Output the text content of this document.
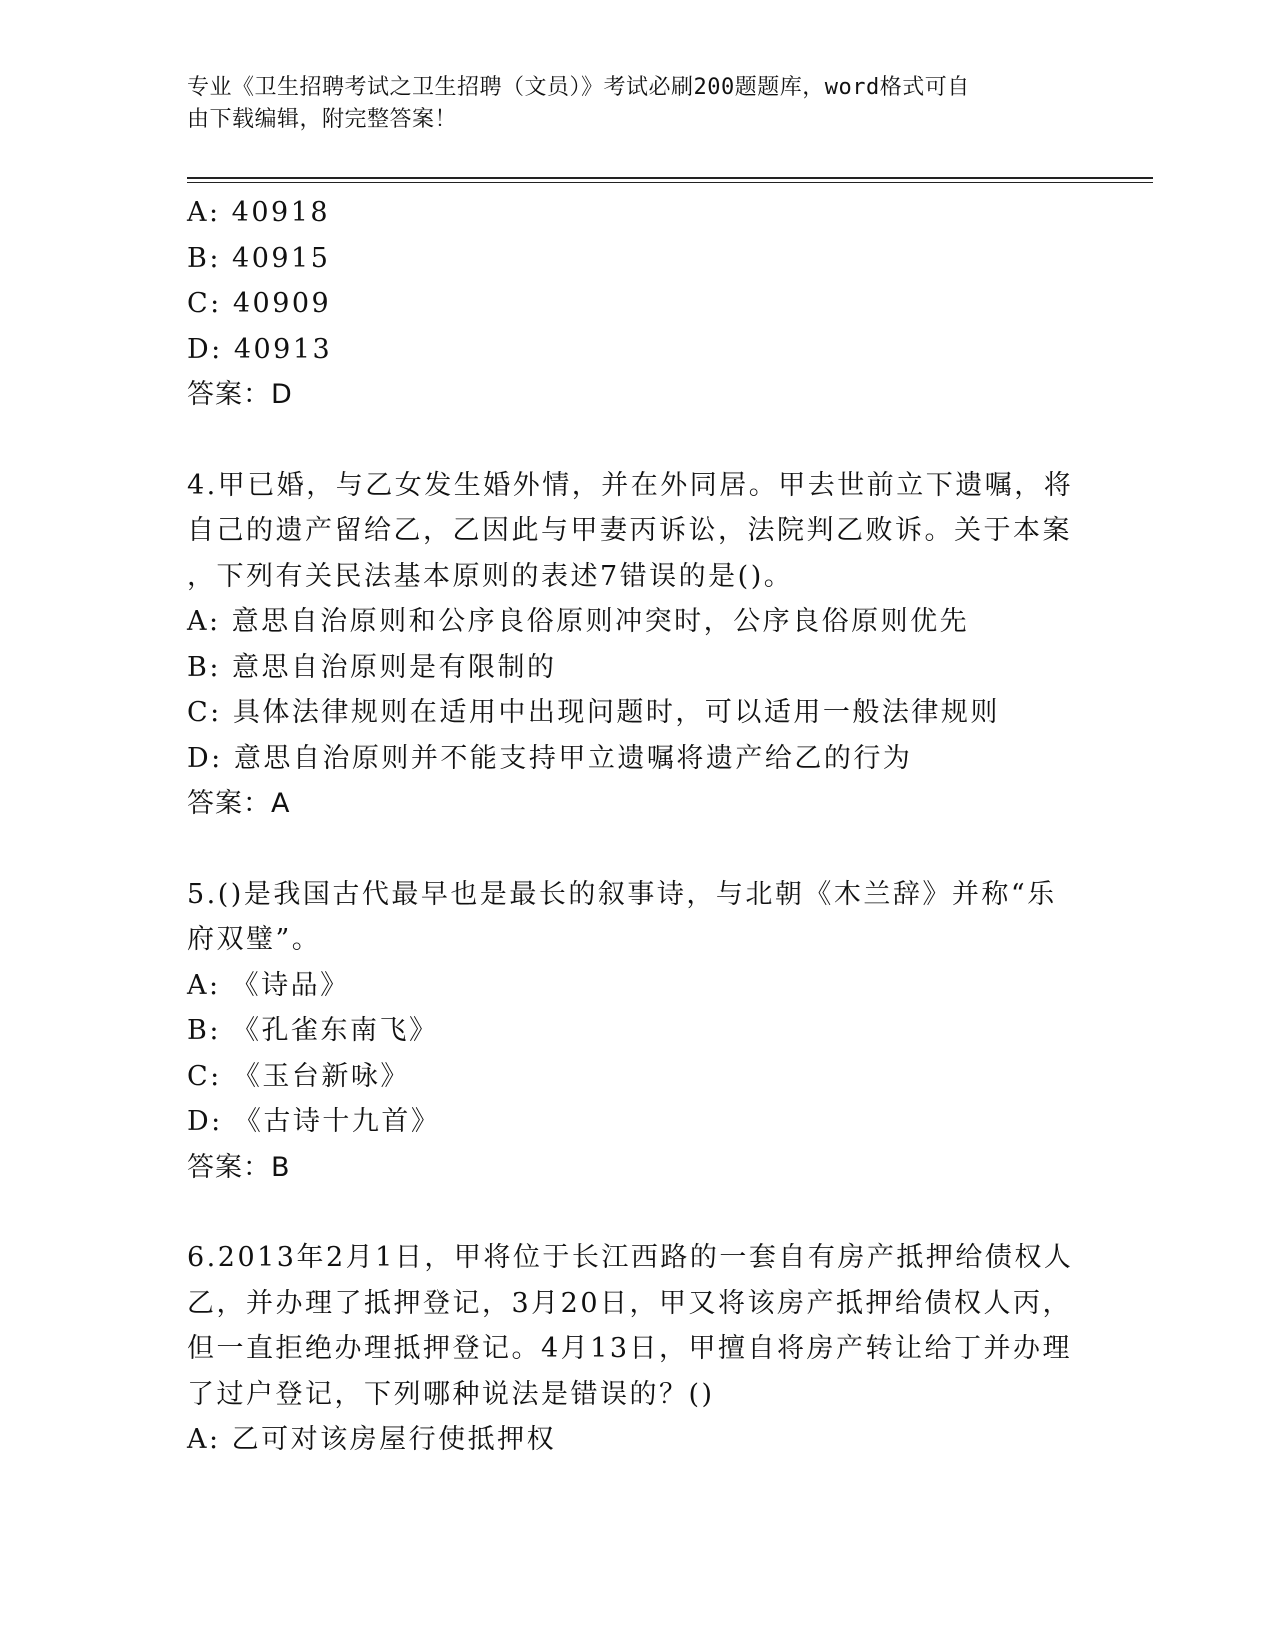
专业《卫生招聘考试之卫生招聘（文员）》考试必刷200题题库，word格式可自
由下载编辑，附完整答案！
A: 40918
B: 40915
C: 40909
D: 40913
答案：D
4.甲已婚，与乙女发生婚外情，并在外同居。甲去世前立下遗嘱，将
自己的遗产留给乙，乙因此与甲妻丙诉讼，法院判乙败诉。关于本案
，下列有关民法基本原则的表述7错误的是()。
A: 意思自治原则和公序良俗原则冲突时，公序良俗原则优先
B: 意思自治原则是有限制的
C: 具体法律规则在适用中出现问题时，可以适用一般法律规则
D: 意思自治原则并不能支持甲立遗嘱将遗产给乙的行为
答案：A
5.()是我国古代最早也是最长的叙事诗，与北朝《木兰辞》并称“乐
府双璧”。
A: 《诗品》
B: 《孔雀东南飞》
C: 《玉台新咏》
D: 《古诗十九首》
答案：B
6.2013年2月1日，甲将位于长江西路的一套自有房产抵押给债权人
乙，并办理了抵押登记，3月20日，甲又将该房产抵押给债权人丙，
但一直拒绝办理抵押登记。4月13日，甲擅自将房产转让给丁并办理
了过户登记，下列哪种说法是错误的？()
A: 乙可对该房屋行使抵押权
